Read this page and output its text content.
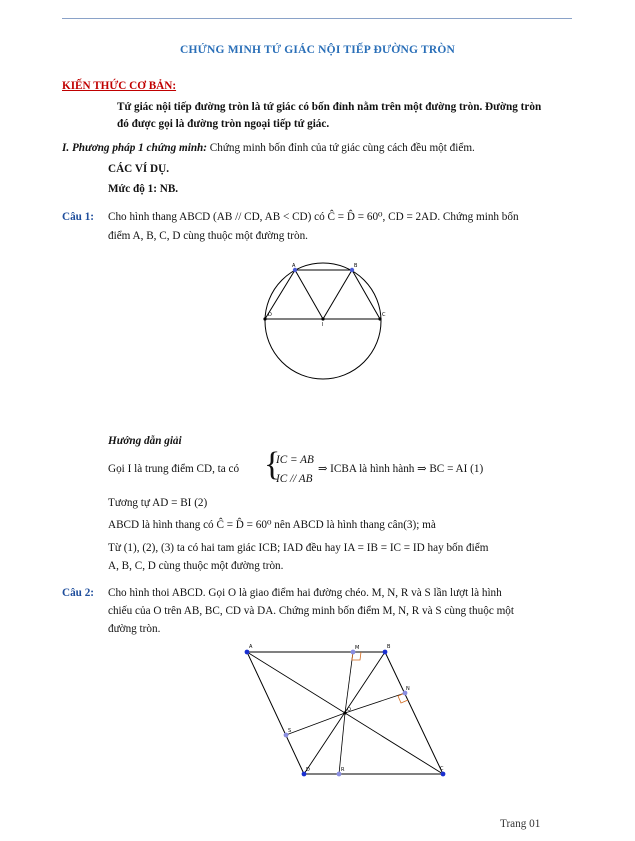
CHỨNG MINH TỨ GIÁC NỘI TIẾP ĐƯỜNG TRÒN
KIẾN THỨC CƠ BẢN:
Tứ giác nội tiếp đường tròn là tứ giác có bốn đỉnh nằm trên một đường tròn. Đường tròn
đó được gọi là đường tròn ngoại tiếp tứ giác.
I. Phương pháp 1 chứng minh: Chứng minh bốn đỉnh của tứ giác cùng cách đều một điểm.
CÁC VÍ DỤ.
Mức độ 1: NB.
Câu 1: Cho hình thang ABCD (AB // CD, AB < CD) có Ĉ = D̂ = 60⁰, CD = 2AD. Chứng minh bốn
điểm A, B, C, D cùng thuộc một đường tròn.
A	B
D
I
C
Hướng dẫn giải
Gọi I là trung điểm CD, ta có {
IC = AB
IC // AB
⇒ ICBA là hình hành ⇒ BC = AI (1)
Tương tự AD = BI (2)
ABCD là hình thang có Ĉ = D̂ = 60⁰ nên ABCD là hình thang cân(3); mà
Từ (1), (2), (3) ta có hai tam giác ICB; IAD đều hay IA = IB = IC = ID hay bốn điểm
A, B, C, D cùng thuộc một đường tròn.
Câu 2: Cho hình thoi ABCD. Gọi O là giao điểm hai đường chéo. M, N, R và S lần lượt là hình
chiếu của O trên AB, BC, CD và DA. Chứng minh bốn điểm M, N, R và S cùng thuộc một
đường tròn.
A	B
C
D
M
N
R
S
O
Trang 01
